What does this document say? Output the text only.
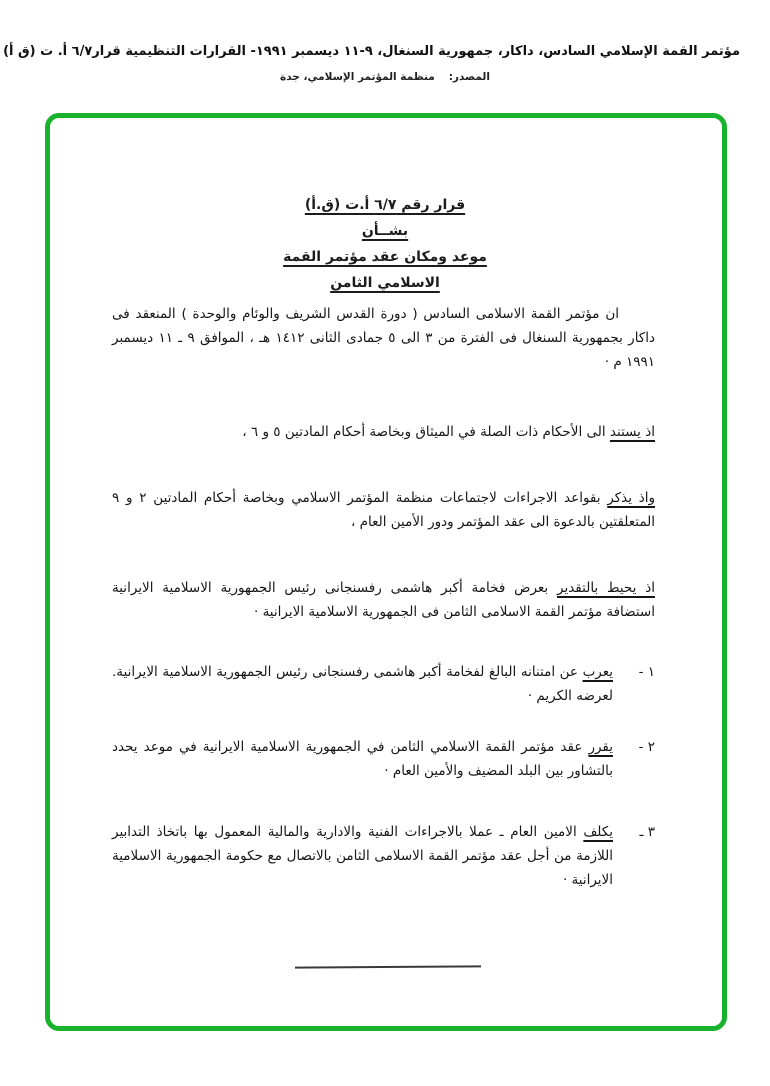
مؤتمر القمة الإسلامي السادس، داكار، جمهورية السنغال، ٩-١١ ديسمبر ١٩٩١- القرارات التنظيمية قرار٦/٧ أ. ت (ق أ)
المصدر:منظمة المؤتمر الإسلامي، جدة
قرار رقم ٦/٧ أ.ت (ق.أ)
بشــأن
موعد ومكان عقد مؤتمر القمة
الاسلامي الثامن
ان مؤتمر القمة الاسلامى السادس ( دورة القدس الشريف والوئام والوحدة ) المنعقد فى داكار بجمهورية السنغال فى الفترة من ٣ الى ٥ جمادى الثانى ١٤١٢ هـ ، الموافق ٩ ـ ١١ ديسمبر ١٩٩١ م ·
اذ يستند الى الأحكام ذات الصلة في الميثاق وبخاصة أحكام المادتين ٥ و ٦ ،
واذ يذكر بقواعد الاجراءات لاجتماعات منظمة المؤتمر الاسلامي وبخاصة أحكام المادتين ٢ و ٩ المتعلقتين بالدعوة الى عقد المؤتمر ودور الأمين العام ،
اذ يحيط بالتقدير بعرض فخامة أكبر هاشمى رفسنجانى رئيس الجمهورية الاسلامية الايرانية استضافة مؤتمر القمة الاسلامى الثامن فى الجمهورية الاسلامية الايرانية ·
١ -
يعرب عن امتنانه البالغ لفخامة أكبر هاشمى رفسنجانى رئيس الجمهورية الاسلامية الايرانية. لعرضه الكريم ·
٢ -
يقرر عقد مؤتمر القمة الاسلامي الثامن في الجمهورية الاسلامية الايرانية في موعد يحدد بالتشاور بين البلد المضيف والأمين العام ·
٣ ـ
يكلف الامين العام ـ عملا بالاجراءات الفنية والادارية والمالية المعمول بها باتخاذ التدابير اللازمة من أجل عقد مؤتمر القمة الاسلامى الثامن بالاتصال مع حكومة الجمهورية الاسلامية الايرانية ·
